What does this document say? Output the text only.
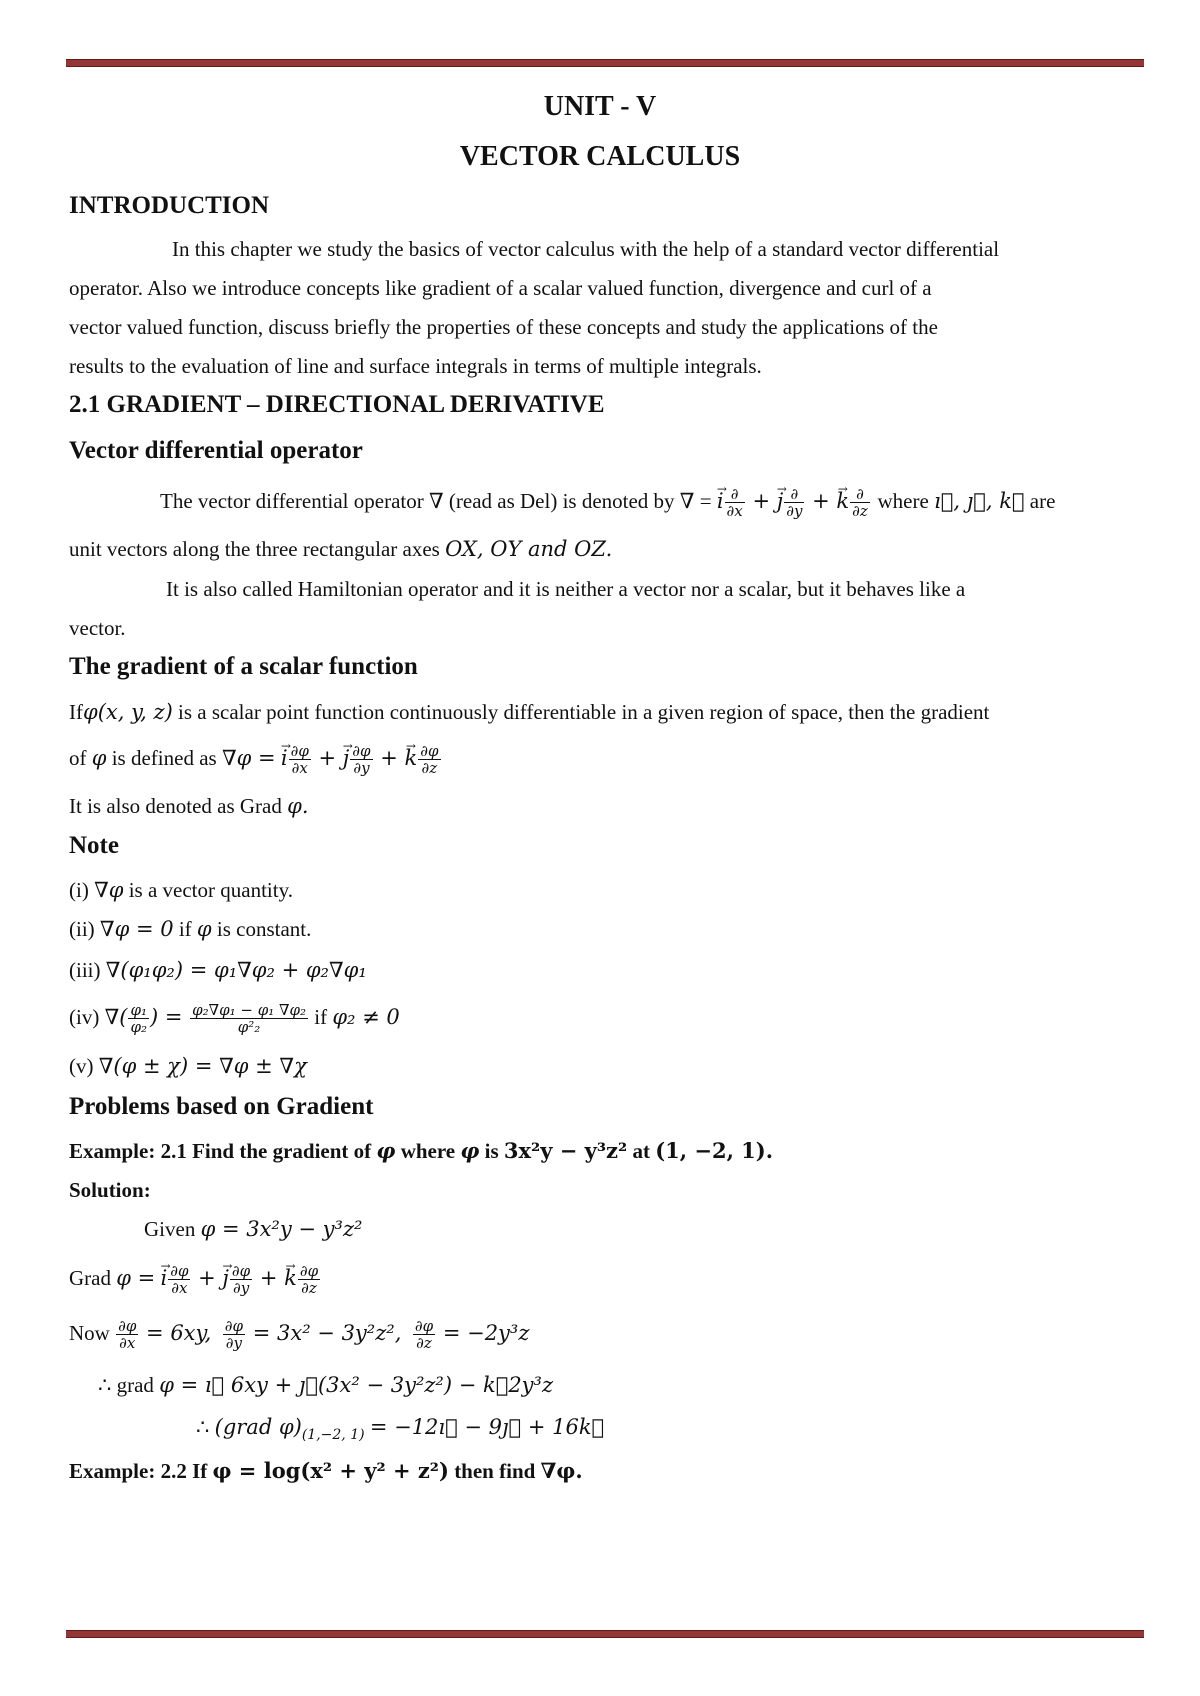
UNIT - V
VECTOR CALCULUS
INTRODUCTION
In this chapter we study the basics of vector calculus with the help of a standard vector differential
operator. Also we introduce concepts like gradient of a scalar valued function, divergence and curl of a
vector valued function, discuss briefly the properties of these concepts and study the applications of the
results to the evaluation of line and surface integrals in terms of multiple integrals.
2.1 GRADIENT – DIRECTIONAL DERIVATIVE
Vector differential operator
The vector differential operator ∇ (read as Del) is denoted by ∇ = → i $\frac{\partial}{\partial x}$ + → j $\frac{\partial}{\partial y}$ + → k $\frac{\partial}{\partial z}$ where ı⃗, ȷ⃗, k⃗ are
unit vectors along the three rectangular axes OX, OY and OZ.
It is also called Hamiltonian operator and it is neither a vector nor a scalar, but it behaves like a
vector.
The gradient of a scalar function
Ifφ(x, y, z) is a scalar point function continuously differentiable in a given region of space, then the gradient
of φ is defined as ∇φ = → i $\frac{\partial\varphi}{\partial x}$ + → j $\frac{\partial\varphi}{\partial y}$ + → k $\frac{\partial\varphi}{\partial z}$
It is also denoted as Grad φ.
Note
(i) ∇φ is a vector quantity.
(ii) ∇φ = 0 if φ is constant.
(iii) ∇(φ₁φ₂) = φ₁∇φ₂ + φ₂∇φ₁
(iv) ∇( $\frac{\text{φ₁}}{\text{φ₂}}$ ) = $\frac{\text{φ₂∇φ₁ − φ₁ ∇φ₂}}{\text{φ²₂}}$ if φ₂ ≠ 0
(v) ∇(φ ± χ) = ∇φ ± ∇χ
Problems based on Gradient
Example: 2.1 Find the gradient of φ where φ is 3x²y − y³z² at (1, −2, 1).
Solution:
Given φ = 3x²y − y³z²
Grad φ = → i $\frac{\partial\varphi}{\partial x}$ + → j $\frac{\partial\varphi}{\partial y}$ + → k $\frac{\partial\varphi}{\partial z}$
Now $\frac{\partial\varphi}{\partial x} = 6xy$, $\frac{\partial\varphi}{\partial y} = 3x^2 - 3y^2z^2$, $\frac{\partial\varphi}{\partial z} = -2y^3z$
∴ grad φ = ı⃗ 6xy + ȷ⃗(3x² − 3y²z²) − k⃗2y³z
∴ (grad $\varphi)_{(1,-2, 1)}$ = −12ı⃗ − 9ȷ⃗ + 16k⃗
Example: 2.2 If φ = log(x² + y² + z²) then find ∇φ.
